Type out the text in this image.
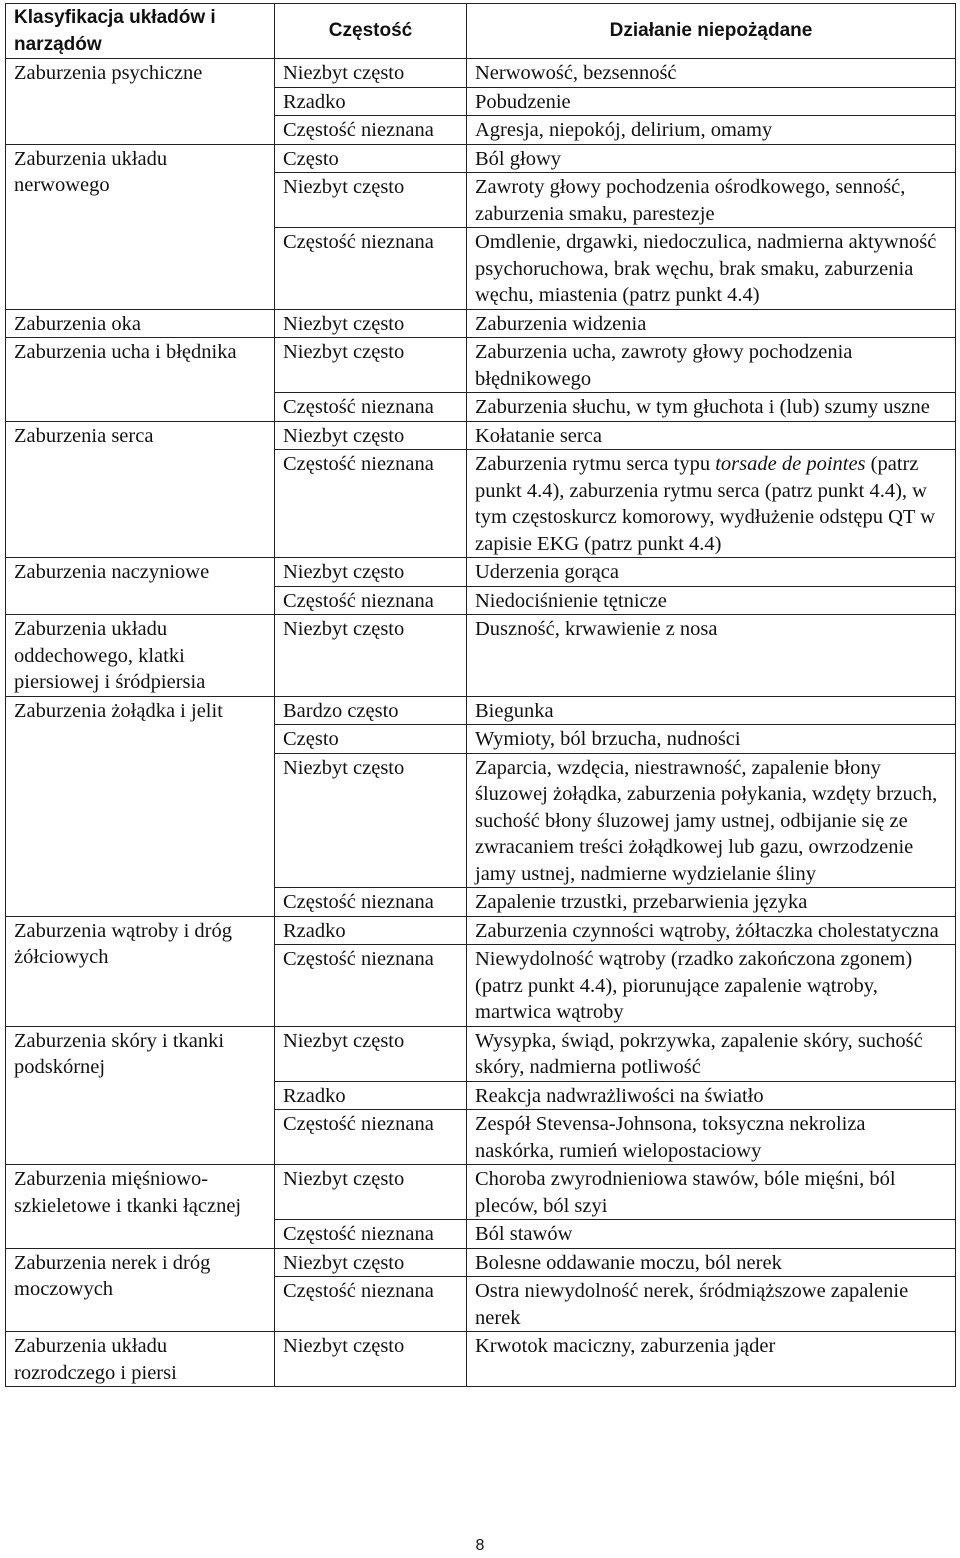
Klasyfikacja układów i narządów	Częstość	Działanie niepożądane
Zaburzenia psychiczne	Niezbyt często	Nerwowość, bezsenność
	Rzadko	Pobudzenie
	Częstość nieznana	Agresja, niepokój, delirium, omamy
Zaburzenia układu nerwowego	Często	Ból głowy
	Niezbyt często	Zawroty głowy pochodzenia ośrodkowego, senność, zaburzenia smaku, parestezje
	Częstość nieznana	Omdlenie, drgawki, niedoczulica, nadmierna aktywność psychoruchowa, brak węchu, brak smaku, zaburzenia węchu, miastenia (patrz punkt 4.4)
Zaburzenia oka	Niezbyt często	Zaburzenia widzenia
Zaburzenia ucha i błędnika	Niezbyt często	Zaburzenia ucha, zawroty głowy pochodzenia błędnikowego
	Częstość nieznana	Zaburzenia słuchu, w tym głuchota i (lub) szumy uszne
Zaburzenia serca	Niezbyt często	Kołatanie serca
	Częstość nieznana	Zaburzenia rytmu serca typu torsade de pointes (patrz punkt 4.4), zaburzenia rytmu serca (patrz punkt 4.4), w tym częstoskurcz komorowy, wydłużenie odstępu QT w zapisie EKG (patrz punkt 4.4)
Zaburzenia naczyniowe	Niezbyt często	Uderzenia gorąca
	Częstość nieznana	Niedociśnienie tętnicze
Zaburzenia układu oddechowego, klatki piersiowej i śródpiersia	Niezbyt często	Duszność, krwawienie z nosa
Zaburzenia żołądka i jelit	Bardzo często	Biegunka
	Często	Wymioty, ból brzucha, nudności
	Niezbyt często	Zaparcia, wzdęcia, niestrawność, zapalenie błony śluzowej żołądka, zaburzenia połykania, wzdęty brzuch, suchość błony śluzowej jamy ustnej, odbijanie się ze zwracaniem treści żołądkowej lub gazu, owrzodzenie jamy ustnej, nadmierne wydzielanie śliny
	Częstość nieznana	Zapalenie trzustki, przebarwienia języka
Zaburzenia wątroby i dróg żółciowych	Rzadko	Zaburzenia czynności wątroby, żółtaczka cholestatyczna
	Częstość nieznana	Niewydolność wątroby (rzadko zakończona zgonem) (patrz punkt 4.4), piorunujące zapalenie wątroby, martwica wątroby
Zaburzenia skóry i tkanki podskórnej	Niezbyt często	Wysypka, świąd, pokrzywka, zapalenie skóry, suchość skóry, nadmierna potliwość
	Rzadko	Reakcja nadwrażliwości na światło
	Częstość nieznana	Zespół Stevensa-Johnsona, toksyczna nekroliza naskórka, rumień wielopostaciowy
Zaburzenia mięśniowo-szkieletowe i tkanki łącznej	Niezbyt często	Choroba zwyrodnieniowa stawów, bóle mięśni, ból pleców, ból szyi
	Częstość nieznana	Ból stawów
Zaburzenia nerek i dróg moczowych	Niezbyt często	Bolesne oddawanie moczu, ból nerek
	Częstość nieznana	Ostra niewydolność nerek, śródmiąższowe zapalenie nerek
Zaburzenia układu rozrodczego i piersi	Niezbyt często	Krwotok maciczny, zaburzenia jąder
8
